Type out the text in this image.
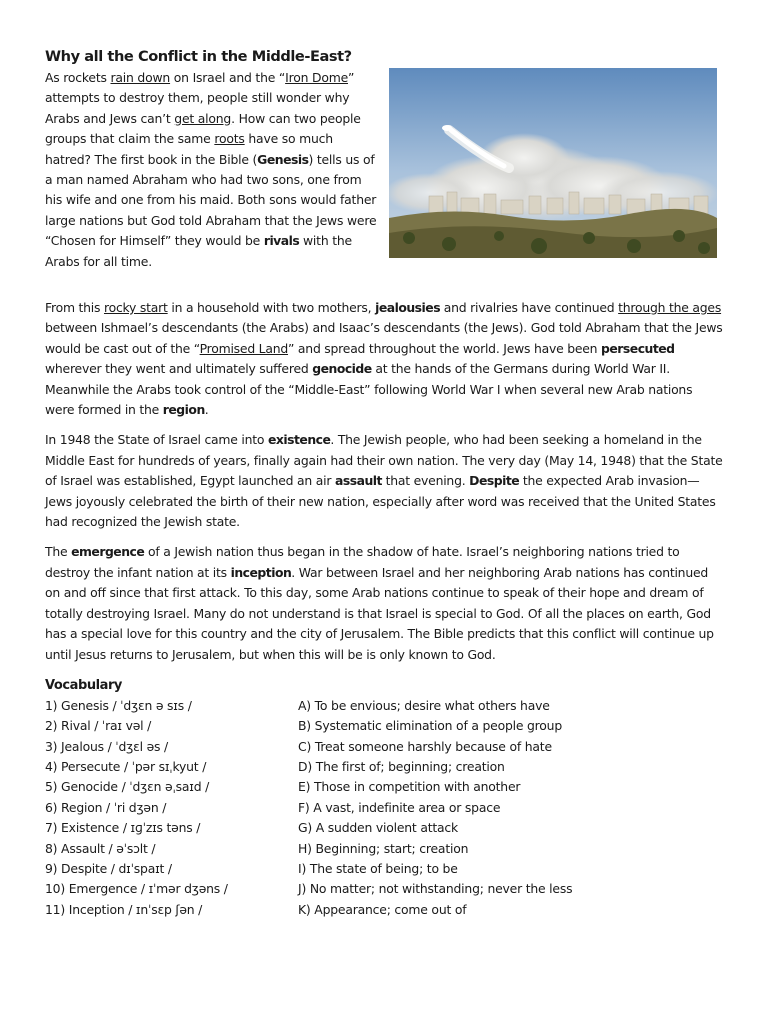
Why all the Conflict in the Middle-East?
As rockets rain down on Israel and the “Iron Dome” attempts to destroy them, people still wonder why Arabs and Jews can’t get along. How can two people groups that claim the same roots have so much hatred? The first book in the Bible (Genesis) tells us of a man named Abraham who had two sons, one from his wife and one from his maid. Both sons would father large nations but God told Abraham that the Jews were “Chosen for Himself” they would be rivals with the Arabs for all time.

From this rocky start in a household with two mothers, jealousies and rivalries have continued through the ages between Ishmael’s descendants (the Arabs) and Isaac’s descendants (the Jews). God told Abraham that the Jews would be cast out of the “Promised Land” and spread throughout the world. Jews have been persecuted wherever they went and ultimately suffered genocide at the hands of the Germans during World War II. Meanwhile the Arabs took control of the “Middle-East” following World War I when several new Arab nations were formed in the region.

In 1948 the State of Israel came into existence. The Jewish people, who had been seeking a homeland in the Middle East for hundreds of years, finally again had their own nation. The very day (May 14, 1948) that the State of Israel was established, Egypt launched an air assault that evening. Despite the expected Arab invasion—Jews joyously celebrated the birth of their new nation, especially after word was received that the United States had recognized the Jewish state.

The emergence of a Jewish nation thus began in the shadow of hate. Israel’s neighboring nations tried to destroy the infant nation at its inception. War between Israel and her neighboring Arab nations has continued on and off since that first attack. To this day, some Arab nations continue to speak of their hope and dream of totally destroying Israel. Many do not understand is that Israel is special to God. Of all the places on earth, God has a special love for this country and the city of Jerusalem. The Bible predicts that this conflict will continue up until Jesus returns to Jerusalem, but when this will be is only known to God.

Vocabulary
1) Genesis / ˈdʒɛn ə sɪs /
2) Rival / ˈraɪ vəl /
3) Jealous / ˈdʒɛl əs /
4) Persecute / ˈpər sɪˌkyut /
5) Genocide / ˈdʒɛn əˌsaɪd /
6) Region / ˈri dʒən /
7) Existence / ɪɡˈzɪs təns /
8) Assault / əˈsɔlt /
9) Despite / dɪˈspaɪt /
10) Emergence / ɪˈmər dʒəns /
11) Inception / ɪnˈsɛp ʃən /
A) To be envious; desire what others have
B) Systematic elimination of a people group
C) Treat someone harshly because of hate
D) The first of; beginning; creation
E) Those in competition with another
F) A vast, indefinite area or space
G) A sudden violent attack
H) Beginning; start; creation
I) The state of being; to be
J) No matter; not withstanding; never the less
K) Appearance; come out of
